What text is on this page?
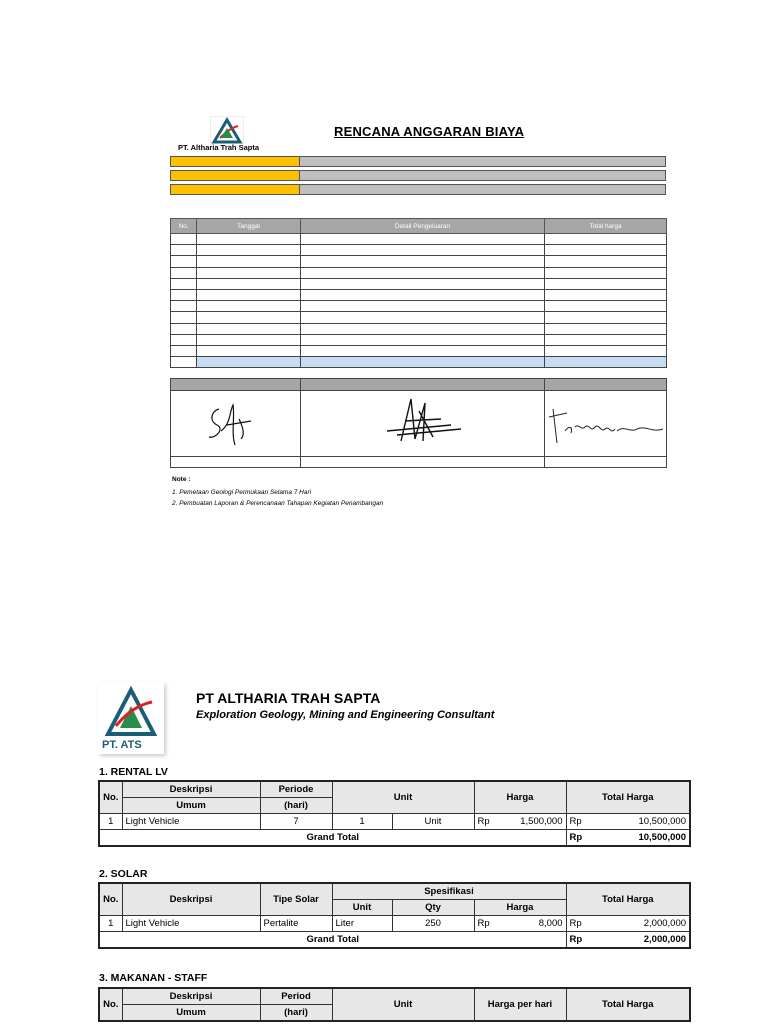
PT. Altharia Trah Sapta
RENCANA ANGGARAN BIAYA
No.	Tanggal	Detail Pengeluaran	Total harga

Note :
1. Pemetaan Geologi Permukaan Selama 7 Hari
2. Pembuatan Laporan & Perencanaan Tahapan Kegiatan Penambangan
PT. ATS
PT ALTHARIA TRAH SAPTA
Exploration Geology, Mining and Engineering Consultant
1. RENTAL LV
No.	Deskripsi	Periode	Unit		Harga	Total Harga
	Umum	(hari)				
1	Light Vehicle	7	1	Unit	Rp 1,500,000	Rp 10,500,000

Grand Total						Rp 10,500,000
2. SOLAR
No.	Deskripsi	Tipe Solar	Spesifikasi			Total Harga
			Unit	Qty	Harga	
1	Light Vehicle	Pertalite	Liter	250	Rp 8,000	Rp 2,000,000

Grand Total						Rp 2,000,000
3. MAKANAN - STAFF
No.	Deskripsi	Period	Unit	Harga per hari	Total Harga
	Umum	(hari)			
